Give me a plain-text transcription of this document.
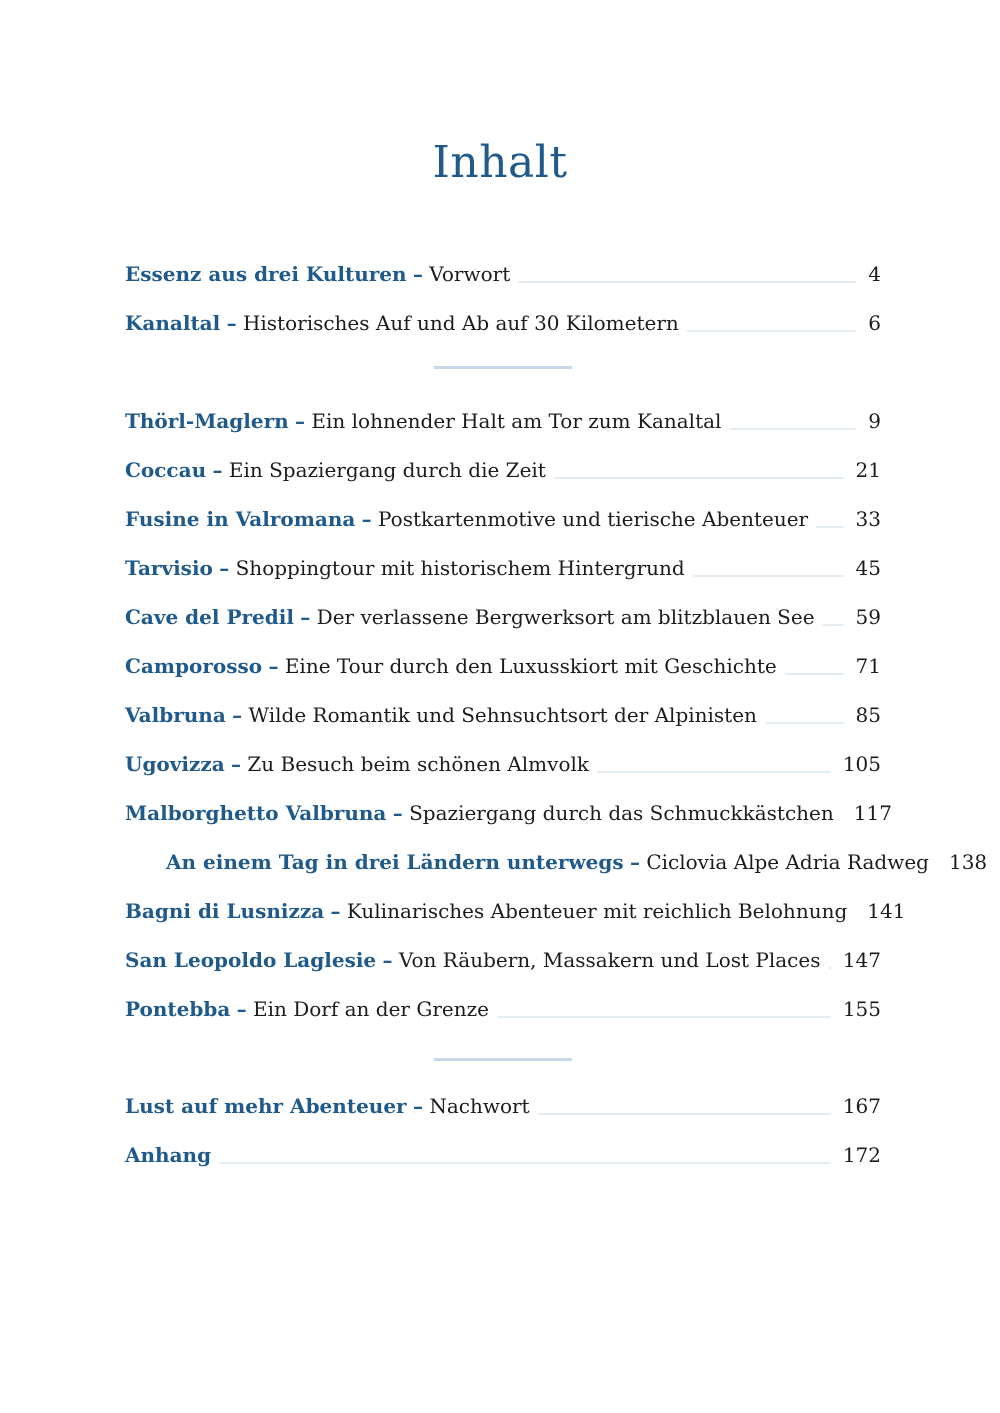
Inhalt
Essenz aus drei Kulturen – Vorwort	4
Kanaltal – Historisches Auf und Ab auf 30 Kilometern	6
Thörl-Maglern – Ein lohnender Halt am Tor zum Kanaltal	9
Coccau – Ein Spaziergang durch die Zeit	21
Fusine in Valromana – Postkartenmotive und tierische Abenteuer 33
Tarvisio – Shoppingtour mit historischem Hintergrund	45
Cave del Predil – Der verlassene Bergwerksort am blitzblauen See 59
Camporosso – Eine Tour durch den Luxusskiort mit Geschichte	71
Valbruna – Wilde Romantik und Sehnsuchtsort der Alpinisten	85
Ugovizza – Zu Besuch beim schönen Almvolk	105
Malborghetto Valbruna – Spaziergang durch das Schmuckkästchen 117
An einem Tag in drei Ländern unterwegs – Ciclovia Alpe Adria Radweg 138
Bagni di Lusnizza – Kulinarisches Abenteuer mit reichlich Belohnung 141
San Leopoldo Laglesie – Von Räubern, Massakern und Lost Places 147
Pontebba – Ein Dorf an der Grenze	155
Lust auf mehr Abenteuer – Nachwort	167
Anhang	172
